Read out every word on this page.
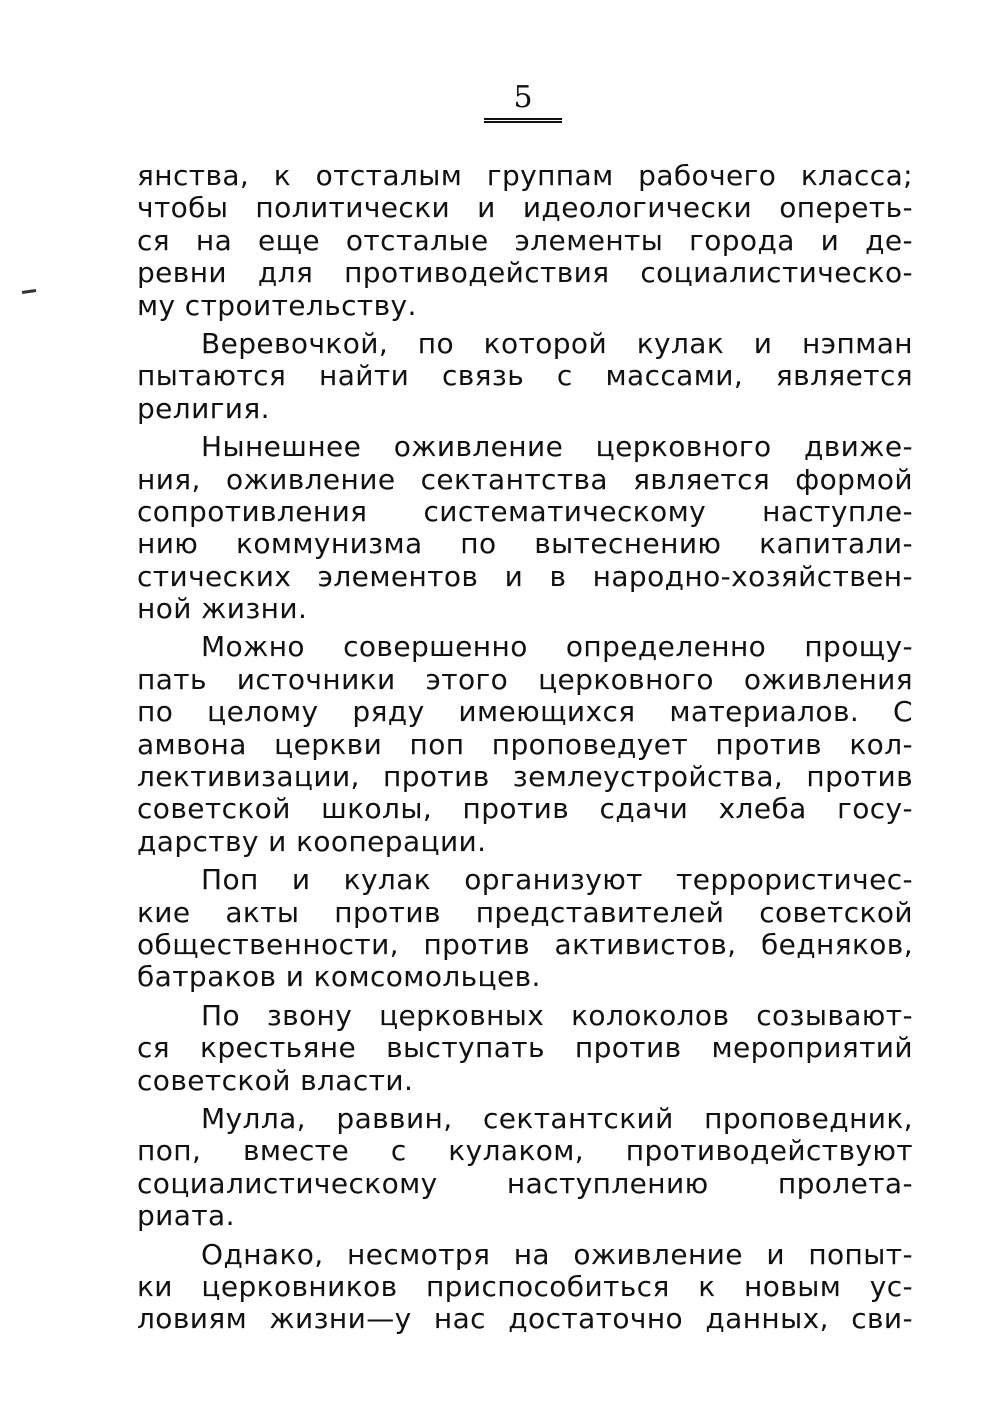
5
янства, к отсталым группам рабочего класса;
чтобы политически и идеологически опереть-
ся на еще отсталые элементы города и де-
ревни для противодействия социалистическо-
му строительству.
Веревочкой, по которой кулак и нэпман
пытаются найти связь с массами, является
религия.
Нынешнее оживление церковного движе-
ния, оживление сектантства является формой
сопротивления систематическому наступле-
нию коммунизма по вытеснению капитали-
стических элементов и в народно-хозяйствен-
ной жизни.
Можно совершенно определенно прощу-
пать источники этого церковного оживления
по целому ряду имеющихся материалов. С
амвона церкви поп проповедует против кол-
лективизации, против землеустройства, против
советской школы, против сдачи хлеба госу-
дарству и кооперации.
Поп и кулак организуют террористичес-
кие акты против представителей советской
общественности, против активистов, бедняков,
батраков и комсомольцев.
По звону церковных колоколов созывают-
ся крестьяне выступать против мероприятий
советской власти.
Мулла, раввин, сектантский проповедник,
поп, вместе с кулаком, противодействуют
социалистическому наступлению пролета-
риата.
Однако, несмотря на оживление и попыт-
ки церковников приспособиться к новым ус-
ловиям жизни—у нас достаточно данных, сви-
